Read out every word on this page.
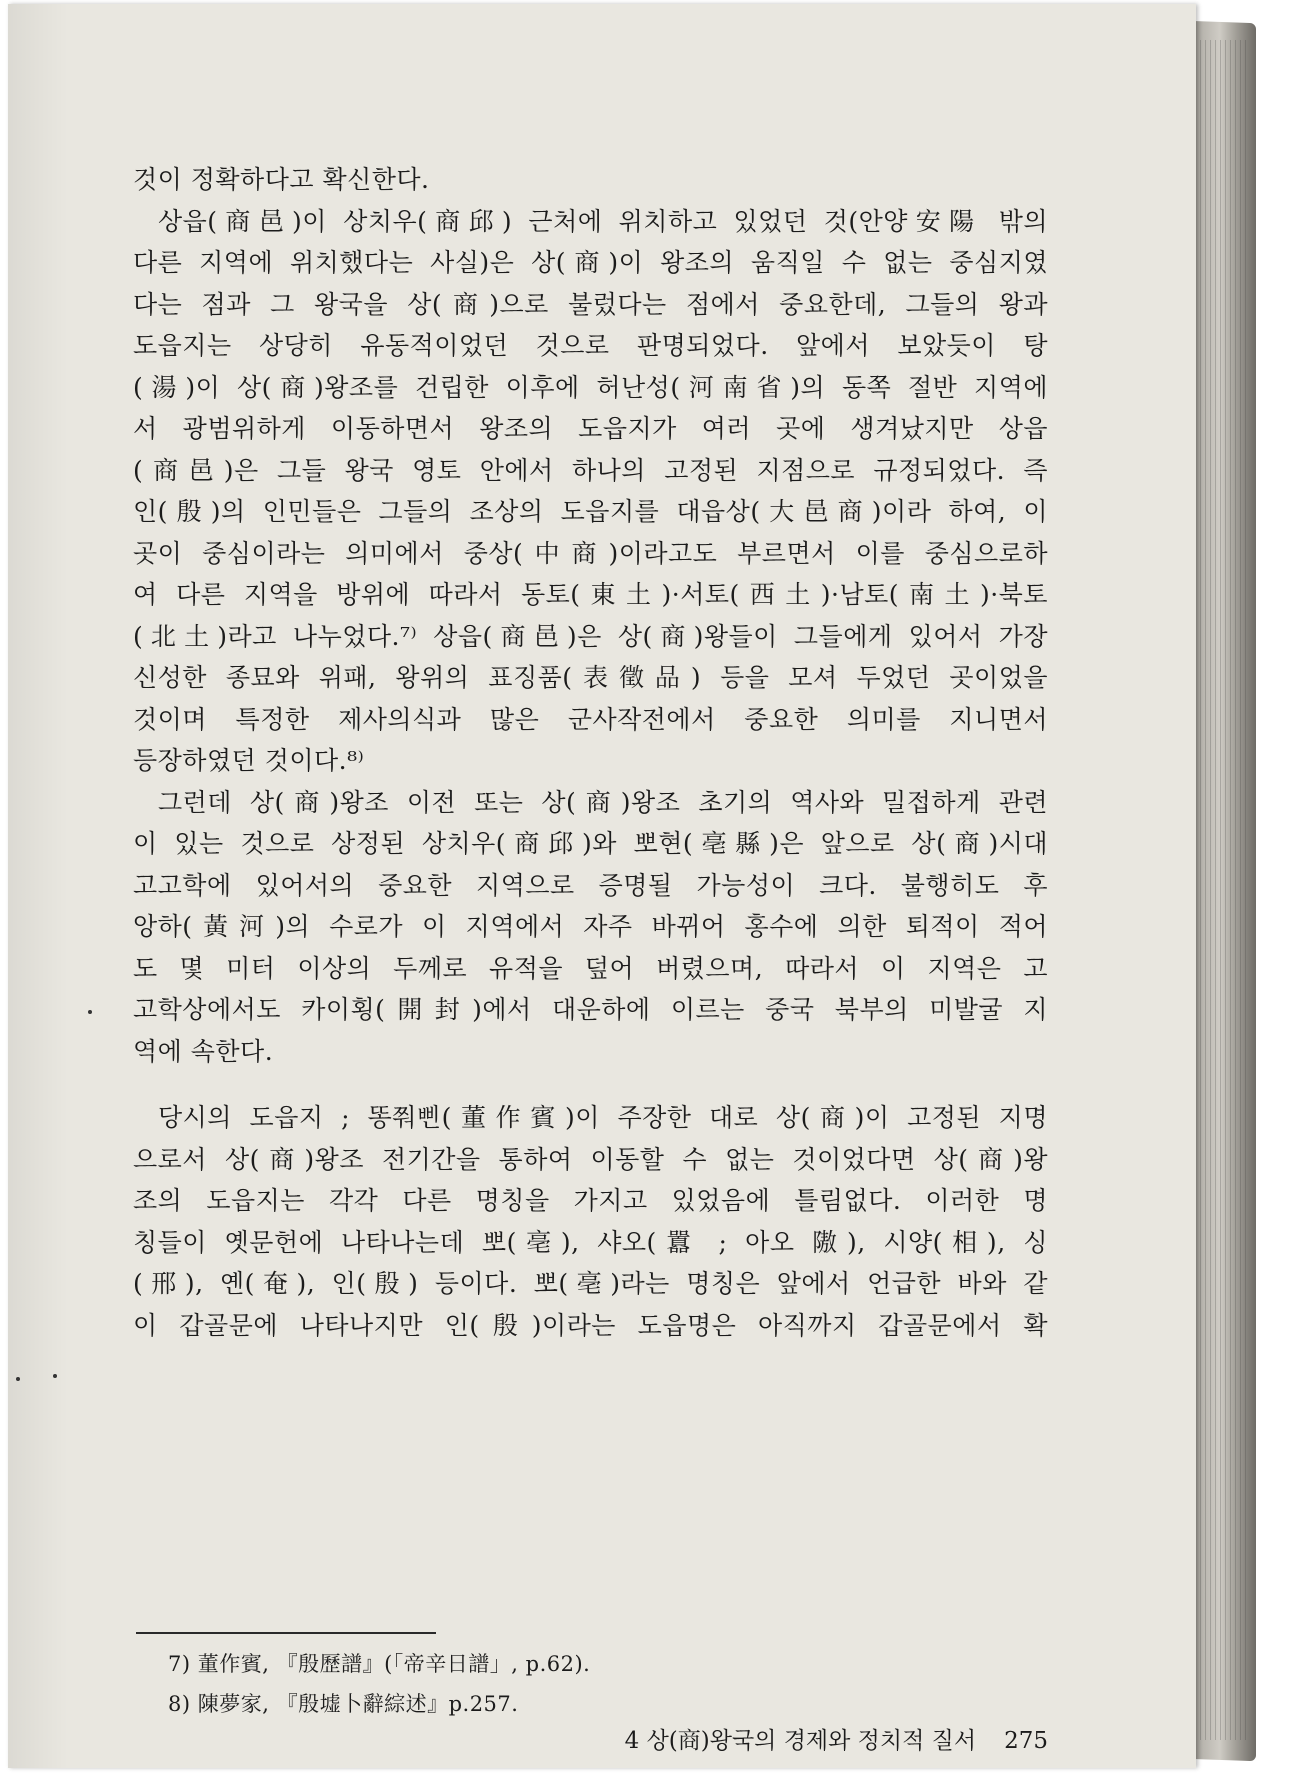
것이 정확하다고 확신한다.
상읍(商邑)이 상치우(商邱) 근처에 위치하고 있었던 것(안양安陽 밖의
다른 지역에 위치했다는 사실)은 상(商)이 왕조의 움직일 수 없는 중심지였
다는 점과 그 왕국을 상(商)으로 불렀다는 점에서 중요한데, 그들의 왕과
도읍지는 상당히 유동적이었던 것으로 판명되었다. 앞에서 보았듯이 탕
(湯)이 상(商)왕조를 건립한 이후에 허난성(河南省)의 동쪽 절반 지역에
서 광범위하게 이동하면서 왕조의 도읍지가 여러 곳에 생겨났지만 상읍
(商邑)은 그들 왕국 영토 안에서 하나의 고정된 지점으로 규정되었다. 즉
인(殷)의 인민들은 그들의 조상의 도읍지를 대읍상(大邑商)이라 하여, 이
곳이 중심이라는 의미에서 중상(中商)이라고도 부르면서 이를 중심으로하
여 다른 지역을 방위에 따라서 동토(東土)·서토(西土)·남토(南土)·북토
(北土)라고 나누었다.⁷⁾ 상읍(商邑)은 상(商)왕들이 그들에게 있어서 가장
신성한 종묘와 위패, 왕위의 표징품(表徵品) 등을 모셔 두었던 곳이었을
것이며 특정한 제사의식과 많은 군사작전에서 중요한 의미를 지니면서
등장하였던 것이다.⁸⁾
그런데 상(商)왕조 이전 또는 상(商)왕조 초기의 역사와 밀접하게 관련
이 있는 것으로 상정된 상치우(商邱)와 뽀현(亳縣)은 앞으로 상(商)시대
고고학에 있어서의 중요한 지역으로 증명될 가능성이 크다. 불행히도 후
앙하(黃河)의 수로가 이 지역에서 자주 바뀌어 홍수에 의한 퇴적이 적어
도 몇 미터 이상의 두께로 유적을 덮어 버렸으며, 따라서 이 지역은 고
고학상에서도 카이횡(開封)에서 대운하에 이르는 중국 북부의 미발굴 지
역에 속한다.
당시의 도읍지 ; 똥쭤삔(董作賓)이 주장한 대로 상(商)이 고정된 지명
으로서 상(商)왕조 전기간을 통하여 이동할 수 없는 것이었다면 상(商)왕
조의 도읍지는 각각 다른 명칭을 가지고 있었음에 틀림없다. 이러한 명
칭들이 옛문헌에 나타나는데 뽀(亳), 샤오(囂 ; 아오 隞), 시양(相), 싱
(邢), 옌(奄), 인(殷) 등이다. 뽀(亳)라는 명칭은 앞에서 언급한 바와 같
이 갑골문에 나타나지만 인(殷)이라는 도읍명은 아직까지 갑골문에서 확
7) 董作賓, 『殷歷譜』(「帝辛日譜」, p.62).
8) 陳夢家, 『殷墟卜辭綜述』p.257.
4 상(商)왕국의 경제와 정치적 질서 275
